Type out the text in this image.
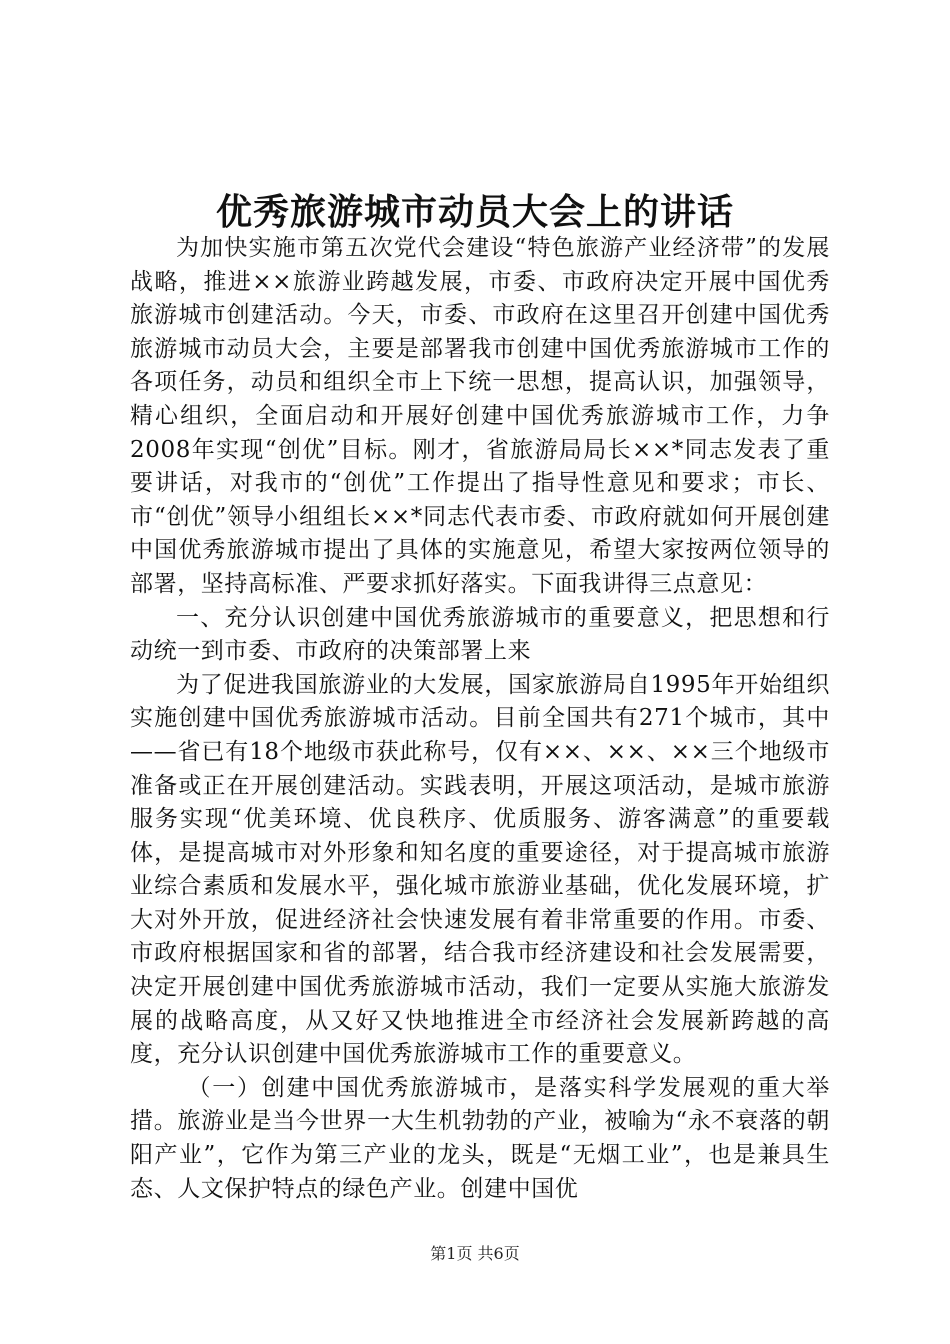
优秀旅游城市动员大会上的讲话

为加快实施市第五次党代会建设“特色旅游产业经济带”的发展战略，推进××旅游业跨越发展，市委、市政府决定开展中国优秀旅游城市创建活动。今天，市委、市政府在这里召开创建中国优秀旅游城市动员大会，主要是部署我市创建中国优秀旅游城市工作的各项任务，动员和组织全市上下统一思想，提高认识，加强领导，精心组织，全面启动和开展好创建中国优秀旅游城市工作，力争2008年实现“创优”目标。刚才，省旅游局局长××*同志发表了重要讲话，对我市的“创优”工作提出了指导性意见和要求；市长、市“创优”领导小组组长××*同志代表市委、市政府就如何开展创建中国优秀旅游城市提出了具体的实施意见，希望大家按两位领导的部署，坚持高标准、严要求抓好落实。下面我讲得三点意见：

一、充分认识创建中国优秀旅游城市的重要意义，把思想和行动统一到市委、市政府的决策部署上来

为了促进我国旅游业的大发展，国家旅游局自1995年开始组织实施创建中国优秀旅游城市活动。目前全国共有271个城市，其中——省已有18个地级市获此称号，仅有××、××、××三个地级市准备或正在开展创建活动。实践表明，开展这项活动，是城市旅游服务实现“优美环境、优良秩序、优质服务、游客满意”的重要载体，是提高城市对外形象和知名度的重要途径，对于提高城市旅游业综合素质和发展水平，强化城市旅游业基础，优化发展环境，扩大对外开放，促进经济社会快速发展有着非常重要的作用。市委、市政府根据国家和省的部署，结合我市经济建设和社会发展需要，决定开展创建中国优秀旅游城市活动，我们一定要从实施大旅游发展的战略高度，从又好又快地推进全市经济社会发展新跨越的高度，充分认识创建中国优秀旅游城市工作的重要意义。

（一）创建中国优秀旅游城市，是落实科学发展观的重大举措。旅游业是当今世界一大生机勃勃的产业，被喻为“永不衰落的朝阳产业”，它作为第三产业的龙头，既是“无烟工业”，也是兼具生态、人文保护特点的绿色产业。创建中国优

第1页 共6页
